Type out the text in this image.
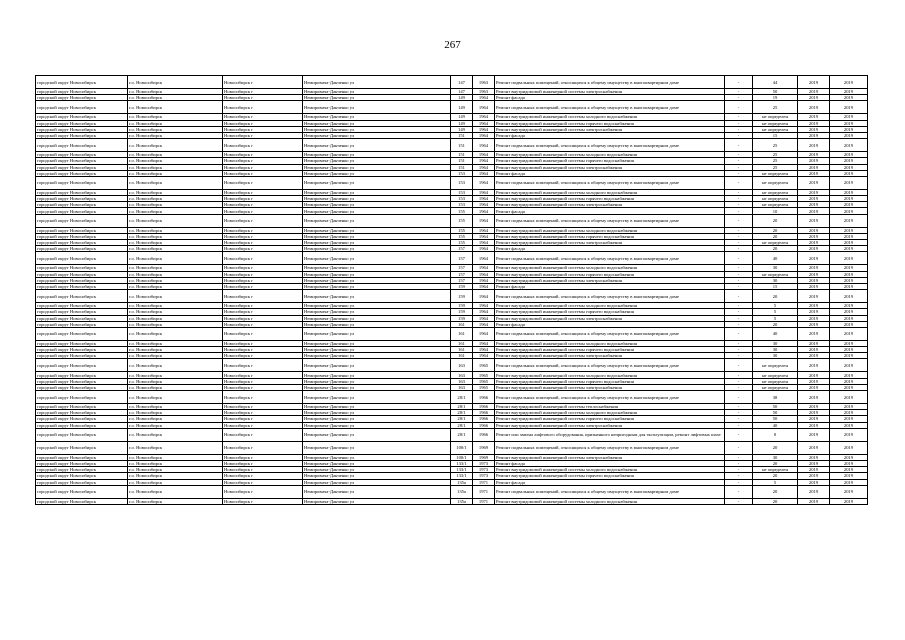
267
городской округ Новосибирск	г.о. Новосибирск	Новосибирск г	Немировича-Данченко ул	147	1963	Ремонт подвальных помещений, относящихся к общему имуществу в многоквартирном доме	-	44	2019	2019
городской округ Новосибирск	г.о. Новосибирск	Новосибирск г	Немировича-Данченко ул	147	1963	Ремонт внутридомовой инженерной системы электроснабжения	-	50	2019	2019
городской округ Новосибирск	г.о. Новосибирск	Новосибирск г	Немировича-Данченко ул	149	1964	Ремонт фасада	-	19	2019	2019
городской округ Новосибирск	г.о. Новосибирск	Новосибирск г	Немировича-Данченко ул	149	1964	Ремонт подвальных помещений, относящихся к общему имуществу в многоквартирном доме	-	25	2019	2019
городской округ Новосибирск	г.о. Новосибирск	Новосибирск г	Немировича-Данченко ул	149	1964	Ремонт внутридомовой инженерной системы холодного водоснабжения	-	не определен	2019	2019
городской округ Новосибирск	г.о. Новосибирск	Новосибирск г	Немировича-Данченко ул	149	1964	Ремонт внутридомовой инженерной системы горячего водоснабжения	-	не определен	2019	2019
городской округ Новосибирск	г.о. Новосибирск	Новосибирск г	Немировича-Данченко ул	149	1964	Ремонт внутридомовой инженерной системы электроснабжения	-	не определен	2019	2019
городской округ Новосибирск	г.о. Новосибирск	Новосибирск г	Немировича-Данченко ул	151	1964	Ремонт фасада	-	15	2019	2019
городской округ Новосибирск	г.о. Новосибирск	Новосибирск г	Немировича-Данченко ул	151	1964	Ремонт подвальных помещений, относящихся к общему имуществу в многоквартирном доме	-	25	2019	2019
городской округ Новосибирск	г.о. Новосибирск	Новосибирск г	Немировича-Данченко ул	151	1964	Ремонт внутридомовой инженерной системы холодного водоснабжения	-	25	2019	2019
городской округ Новосибирск	г.о. Новосибирск	Новосибирск г	Немировича-Данченко ул	151	1964	Ремонт внутридомовой инженерной системы горячего водоснабжения	-	25	2019	2019
городской округ Новосибирск	г.о. Новосибирск	Новосибирск г	Немировича-Данченко ул	151	1964	Ремонт внутридомовой инженерной системы электроснабжения	-	25	2019	2019
городской округ Новосибирск	г.о. Новосибирск	Новосибирск г	Немировича-Данченко ул	153	1964	Ремонт фасада	-	не определен	2019	2019
городской округ Новосибирск	г.о. Новосибирск	Новосибирск г	Немировича-Данченко ул	153	1964	Ремонт подвальных помещений, относящихся к общему имуществу в многоквартирном доме	-	не определен	2019	2019
городской округ Новосибирск	г.о. Новосибирск	Новосибирск г	Немировича-Данченко ул	153	1964	Ремонт внутридомовой инженерной системы холодного водоснабжения	-	не определен	2019	2019
городской округ Новосибирск	г.о. Новосибирск	Новосибирск г	Немировича-Данченко ул	153	1964	Ремонт внутридомовой инженерной системы горячего водоснабжения	-	не определен	2019	2019
городской округ Новосибирск	г.о. Новосибирск	Новосибирск г	Немировича-Данченко ул	153	1964	Ремонт внутридомовой инженерной системы электроснабжения	-	не определен	2019	2019
городской округ Новосибирск	г.о. Новосибирск	Новосибирск г	Немировича-Данченко ул	155	1964	Ремонт фасада	-	10	2019	2019
городской округ Новосибирск	г.о. Новосибирск	Новосибирск г	Немировича-Данченко ул	155	1964	Ремонт подвальных помещений, относящихся к общему имуществу в многоквартирном доме	-	20	2019	2019
городской округ Новосибирск	г.о. Новосибирск	Новосибирск г	Немировича-Данченко ул	155	1964	Ремонт внутридомовой инженерной системы холодного водоснабжения	-	20	2019	2019
городской округ Новосибирск	г.о. Новосибирск	Новосибирск г	Немировича-Данченко ул	155	1964	Ремонт внутридомовой инженерной системы горячего водоснабжения	-	20	2019	2019
городской округ Новосибирск	г.о. Новосибирск	Новосибирск г	Немировича-Данченко ул	155	1964	Ремонт внутридомовой инженерной системы электроснабжения	-	не определен	2019	2019
городской округ Новосибирск	г.о. Новосибирск	Новосибирск г	Немировича-Данченко ул	157	1964	Ремонт фасада	-	20	2019	2019
городской округ Новосибирск	г.о. Новосибирск	Новосибирск г	Немировича-Данченко ул	157	1964	Ремонт подвальных помещений, относящихся к общему имуществу в многоквартирном доме	-	40	2019	2019
городской округ Новосибирск	г.о. Новосибирск	Новосибирск г	Немировича-Данченко ул	157	1964	Ремонт внутридомовой инженерной системы холодного водоснабжения	-	30	2019	2019
городской округ Новосибирск	г.о. Новосибирск	Новосибирск г	Немировича-Данченко ул	157	1964	Ремонт внутридомовой инженерной системы горячего водоснабжения	-	не определен	2019	2019
городской округ Новосибирск	г.о. Новосибирск	Новосибирск г	Немировича-Данченко ул	157	1964	Ремонт внутридомовой инженерной системы электроснабжения	-	30	2019	2019
городской округ Новосибирск	г.о. Новосибирск	Новосибирск г	Немировича-Данченко ул	159	1964	Ремонт фасада	-	15	2019	2019
городской округ Новосибирск	г.о. Новосибирск	Новосибирск г	Немировича-Данченко ул	159	1964	Ремонт подвальных помещений, относящихся к общему имуществу в многоквартирном доме	-	20	2019	2019
городской округ Новосибирск	г.о. Новосибирск	Новосибирск г	Немировича-Данченко ул	159	1964	Ремонт внутридомовой инженерной системы холодного водоснабжения	-	5	2019	2019
городской округ Новосибирск	г.о. Новосибирск	Новосибирск г	Немировича-Данченко ул	159	1964	Ремонт внутридомовой инженерной системы горячего водоснабжения	-	5	2019	2019
городской округ Новосибирск	г.о. Новосибирск	Новосибирск г	Немировича-Данченко ул	159	1964	Ремонт внутридомовой инженерной системы электроснабжения	-	5	2019	2019
городской округ Новосибирск	г.о. Новосибирск	Новосибирск г	Немировича-Данченко ул	161	1964	Ремонт фасада	-	20	2019	2019
городской округ Новосибирск	г.о. Новосибирск	Новосибирск г	Немировича-Данченко ул	161	1964	Ремонт подвальных помещений, относящихся к общему имуществу в многоквартирном доме	-	40	2019	2019
городской округ Новосибирск	г.о. Новосибирск	Новосибирск г	Немировича-Данченко ул	161	1964	Ремонт внутридомовой инженерной системы холодного водоснабжения	-	30	2019	2019
городской округ Новосибирск	г.о. Новосибирск	Новосибирск г	Немировича-Данченко ул	161	1964	Ремонт внутридомовой инженерной системы горячего водоснабжения	-	30	2019	2019
городской округ Новосибирск	г.о. Новосибирск	Новосибирск г	Немировича-Данченко ул	161	1964	Ремонт внутридомовой инженерной системы электроснабжения	-	30	2019	2019
городской округ Новосибирск	г.о. Новосибирск	Новосибирск г	Немировича-Данченко ул	163	1965	Ремонт подвальных помещений, относящихся к общему имуществу в многоквартирном доме	-	не определен	2019	2019
городской округ Новосибирск	г.о. Новосибирск	Новосибирск г	Немировича-Данченко ул	163	1965	Ремонт внутридомовой инженерной системы холодного водоснабжения	-	не определен	2019	2019
городской округ Новосибирск	г.о. Новосибирск	Новосибирск г	Немировича-Данченко ул	163	1965	Ремонт внутридомовой инженерной системы горячего водоснабжения	-	не определен	2019	2019
городской округ Новосибирск	г.о. Новосибирск	Новосибирск г	Немировича-Данченко ул	163	1965	Ремонт внутридомовой инженерной системы электроснабжения	-	не определен	2019	2019
городской округ Новосибирск	г.о. Новосибирск	Новосибирск г	Немировича-Данченко ул	28/1	1966	Ремонт подвальных помещений, относящихся к общему имуществу в многоквартирном доме	-	38	2019	2019
городской округ Новосибирск	г.о. Новосибирск	Новосибирск г	Немировича-Данченко ул	28/1	1966	Ремонт внутридомовой инженерной системы теплоснабжения	-	50	2019	2019
городской округ Новосибирск	г.о. Новосибирск	Новосибирск г	Немировича-Данченко ул	28/1	1966	Ремонт внутридомовой инженерной системы холодного водоснабжения	-	50	2019	2019
городской округ Новосибирск	г.о. Новосибирск	Новосибирск г	Немировича-Данченко ул	28/1	1966	Ремонт внутридомовой инженерной системы горячего водоснабжения	-	50	2019	2019
городской округ Новосибирск	г.о. Новосибирск	Новосибирск г	Немировича-Данченко ул	28/1	1966	Ремонт внутридомовой инженерной системы электроснабжения	-	40	2019	2019
городской округ Новосибирск	г.о. Новосибирск	Новосибирск г	Немировича-Данченко ул	28/1	1966	Ремонт или замена лифтового оборудования, признанного непригодным для эксплуатации, ремонт лифтовых шахт	-	0	2019	2019
городской округ Новосибирск	г.о. Новосибирск	Новосибирск г	Немировича-Данченко ул	100/1	1969	Ремонт подвальных помещений, относящихся к общему имуществу в многоквартирном доме	-	20	2019	2019
городской округ Новосибирск	г.о. Новосибирск	Новосибирск г	Немировича-Данченко ул	100/1	1969	Ремонт внутридомовой инженерной системы электроснабжения	-	30	2019	2019
городской округ Новосибирск	г.о. Новосибирск	Новосибирск г	Немировича-Данченко ул	133/1	1973	Ремонт фасада	-	20	2019	2019
городской округ Новосибирск	г.о. Новосибирск	Новосибирск г	Немировича-Данченко ул	133/1	1973	Ремонт внутридомовой инженерной системы холодного водоснабжения	-	не определен	2019	2019
городской округ Новосибирск	г.о. Новосибирск	Новосибирск г	Немировича-Данченко ул	133/1	1973	Ремонт внутридомовой инженерной системы горячего водоснабжения	-	20	2019	2019
городской округ Новосибирск	г.о. Новосибирск	Новосибирск г	Немировича-Данченко ул	135а	1971	Ремонт фасада	-	5	2019	2019
городской округ Новосибирск	г.о. Новосибирск	Новосибирск г	Немировича-Данченко ул	135а	1971	Ремонт подвальных помещений, относящихся к общему имуществу в многоквартирном доме	-	20	2019	2019
городской округ Новосибирск	г.о. Новосибирск	Новосибирск г	Немировича-Данченко ул	135а	1971	Ремонт внутридомовой инженерной системы холодного водоснабжения	-	20	2019	2019
